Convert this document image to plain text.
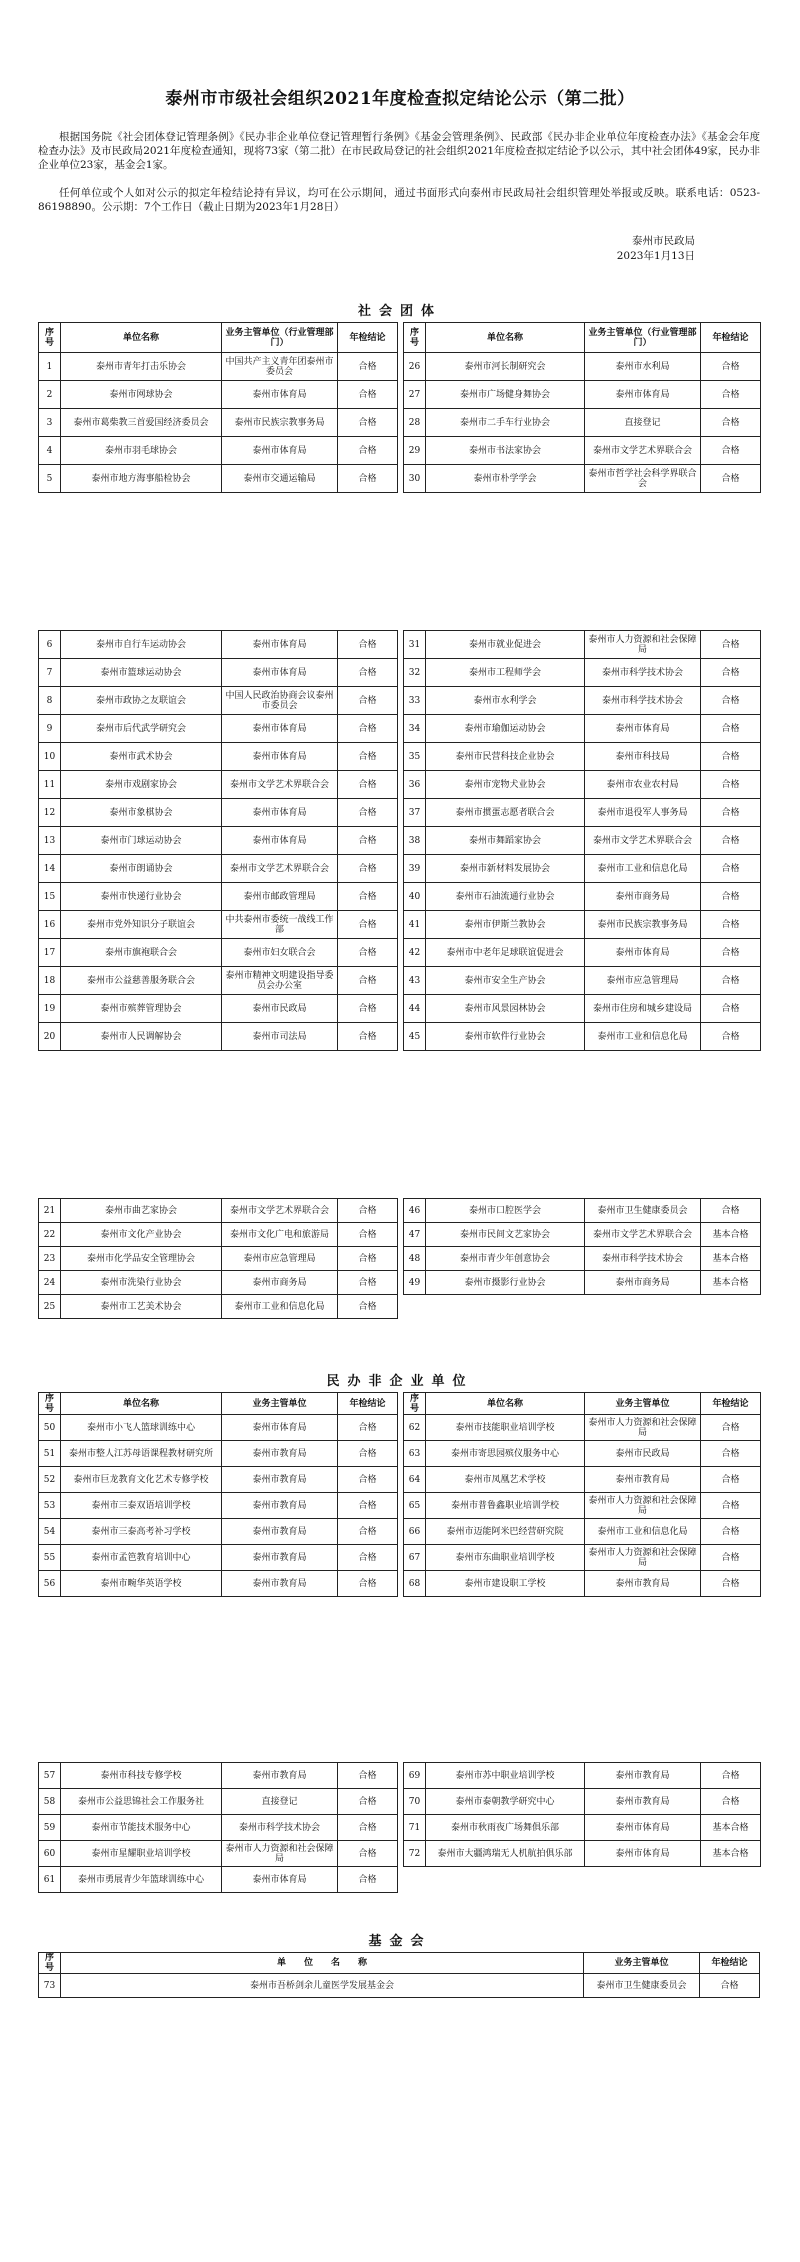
泰州市市级社会组织2021年度检查拟定结论公示（第二批）

根据国务院《社会团体登记管理条例》《民办非企业单位登记管理暂行条例》《基金会管理条例》、民政部《民办非企业单位年度检查办法》《基金会年度检查办法》及市民政局2021年度检查通知，现将73家（第二批）在市民政局登记的社会组织2021年度检查拟定结论予以公示，其中社会团体49家，民办非企业单位23家，基金会1家。

任何单位或个人如对公示的拟定年检结论持有异议，均可在公示期间，通过书面形式向泰州市民政局社会组织管理处举报或反映。联系电话：0523-86198890。公示期：7个工作日（截止日期为2023年1月28日）

泰州市民政局
2023年1月13日
社会团体
序号	单位名称	业务主管单位（行业管理部门）	年检结论
1	泰州市青年打击乐协会	中国共产主义青年团泰州市委员会	合格
2	泰州市网球协会	泰州市体育局	合格
3	泰州市葛柴教三首爱国经济委员会	泰州市民族宗教事务局	合格
4	泰州市羽毛球协会	泰州市体育局	合格
5	泰州市地方海事船检协会	泰州市交通运输局	合格
序号	单位名称	业务主管单位（行业管理部门）	年检结论
26	泰州市河长制研究会	泰州市水利局	合格
27	泰州市广场健身舞协会	泰州市体育局	合格
28	泰州市二手车行业协会	直接登记	合格
29	泰州市书法家协会	泰州市文学艺术界联合会	合格
30	泰州市朴学学会	泰州市哲学社会科学界联合会	合格
6	泰州市自行车运动协会	泰州市体育局	合格
7	泰州市篮球运动协会	泰州市体育局	合格
8	泰州市政协之友联谊会	中国人民政治协商会议泰州市委员会	合格
9	泰州市后代武学研究会	泰州市体育局	合格
10	泰州市武术协会	泰州市体育局	合格
11	泰州市戏剧家协会	泰州市文学艺术界联合会	合格
12	泰州市象棋协会	泰州市体育局	合格
13	泰州市门球运动协会	泰州市体育局	合格
14	泰州市朗诵协会	泰州市文学艺术界联合会	合格
15	泰州市快递行业协会	泰州市邮政管理局	合格
16	泰州市党外知识分子联谊会	中共泰州市委统一战线工作部	合格
17	泰州市旗袍联合会	泰州市妇女联合会	合格
18	泰州市公益慈善服务联合会	泰州市精神文明建设指导委员会办公室	合格
19	泰州市殡葬管理协会	泰州市民政局	合格
20	泰州市人民调解协会	泰州市司法局	合格
31	泰州市就业促进会	泰州市人力资源和社会保障局	合格
32	泰州市工程师学会	泰州市科学技术协会	合格
33	泰州市水利学会	泰州市科学技术协会	合格
34	泰州市瑜伽运动协会	泰州市体育局	合格
35	泰州市民营科技企业协会	泰州市科技局	合格
36	泰州市宠物犬业协会	泰州市农业农村局	合格
37	泰州市掼蛋志愿者联合会	泰州市退役军人事务局	合格
38	泰州市舞蹈家协会	泰州市文学艺术界联合会	合格
39	泰州市新材料发展协会	泰州市工业和信息化局	合格
40	泰州市石油流通行业协会	泰州市商务局	合格
41	泰州市伊斯兰教协会	泰州市民族宗教事务局	合格
42	泰州市中老年足球联谊促进会	泰州市体育局	合格
43	泰州市安全生产协会	泰州市应急管理局	合格
44	泰州市风景园林协会	泰州市住房和城乡建设局	合格
45	泰州市软件行业协会	泰州市工业和信息化局	合格
21	泰州市曲艺家协会	泰州市文学艺术界联合会	合格
22	泰州市文化产业协会	泰州市文化广电和旅游局	合格
23	泰州市化学品安全管理协会	泰州市应急管理局	合格
24	泰州市洗染行业协会	泰州市商务局	合格
25	泰州市工艺美术协会	泰州市工业和信息化局	合格
46	泰州市口腔医学会	泰州市卫生健康委员会	合格
47	泰州市民间文艺家协会	泰州市文学艺术界联合会	基本合格
48	泰州市青少年创意协会	泰州市科学技术协会	基本合格
49	泰州市摄影行业协会	泰州市商务局	基本合格
民办非企业单位
序号	单位名称	业务主管单位	年检结论
50	泰州市小飞人篮球训练中心	泰州市体育局	合格
51	泰州市整人江苏母语课程教材研究所	泰州市教育局	合格
52	泰州市巨龙教育文化艺术专修学校	泰州市教育局	合格
53	泰州市三泰双语培训学校	泰州市教育局	合格
54	泰州市三泰高考补习学校	泰州市教育局	合格
55	泰州市孟笆教育培训中心	泰州市教育局	合格
56	泰州市畹华英语学校	泰州市教育局	合格
序号	单位名称	业务主管单位	年检结论
62	泰州市技能职业培训学校	泰州市人力资源和社会保障局	合格
63	泰州市寄思园殡仪服务中心	泰州市民政局	合格
64	泰州市凤凰艺术学校	泰州市教育局	合格
65	泰州市普鲁鑫职业培训学校	泰州市人力资源和社会保障局	合格
66	泰州市迈能阿米巴经营研究院	泰州市工业和信息化局	合格
67	泰州市东曲职业培训学校	泰州市人力资源和社会保障局	合格
68	泰州市建设职工学校	泰州市教育局	合格
57	泰州市科技专修学校	泰州市教育局	合格
58	泰州市公益思锦社会工作服务社	直接登记	合格
59	泰州市节能技术服务中心	泰州市科学技术协会	合格
60	泰州市星耀职业培训学校	泰州市人力资源和社会保障局	合格
61	泰州市勇展青少年篮球训练中心	泰州市体育局	合格
69	泰州市苏中职业培训学校	泰州市教育局	合格
70	泰州市泰朝教学研究中心	泰州市教育局	合格
71	泰州市秋雨夜广场舞俱乐部	泰州市体育局	基本合格
72	泰州市大疆鸿瑞无人机航拍俱乐部	泰州市体育局	基本合格
基金会
序号	单　　位　　名　　称	业务主管单位	年检结论
73	泰州市吾桥剑余儿童医学发展基金会	泰州市卫生健康委员会	合格
